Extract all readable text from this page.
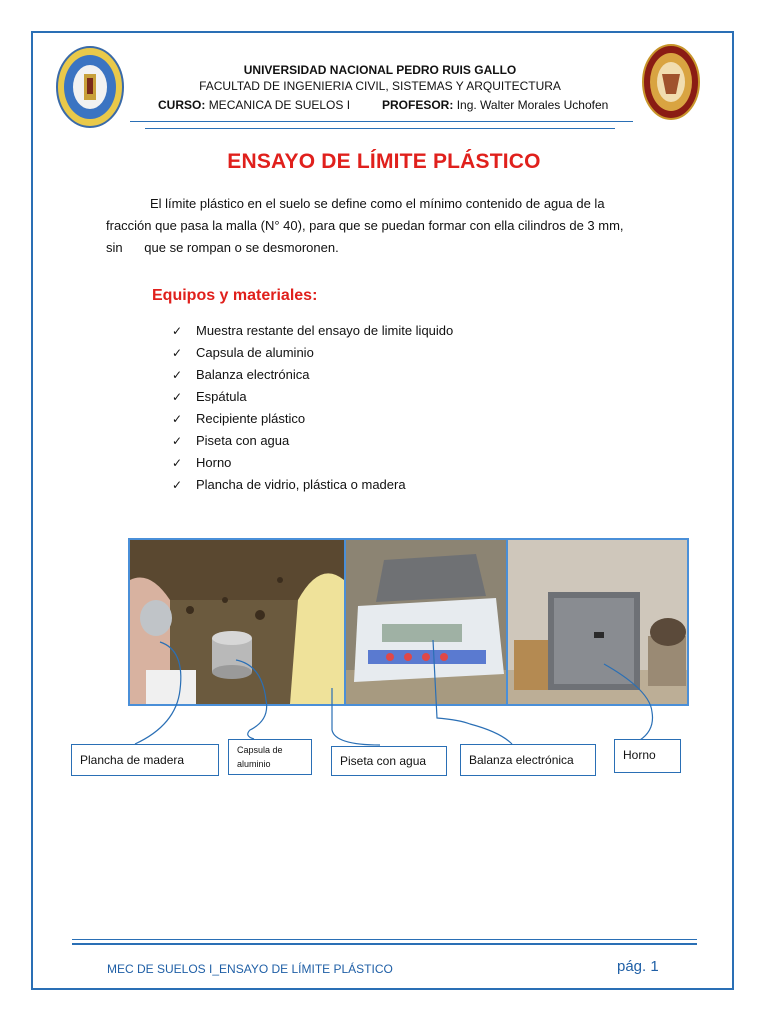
UNIVERSIDAD NACIONAL PEDRO RUIS GALLO
FACULTAD DE INGENIERIA CIVIL, SISTEMAS Y ARQUITECTURA
CURSO: MECANICA DE SUELOS I	PROFESOR: Ing. Walter Morales Uchofen
ENSAYO DE LÍMITE PLÁSTICO
El límite plástico en el suelo se define como el mínimo contenido de agua de la
fracción que pasa la malla (N° 40), para que se puedan formar con ella cilindros de 3 mm,
sin      que se rompan o se desmoronen.
Equipos y materiales:
✓	Muestra restante del ensayo de limite liquido
✓	Capsula de aluminio
✓	Balanza electrónica
✓	Espátula
✓	Recipiente plástico
✓	Piseta con agua
✓	Horno
✓	Plancha de vidrio, plástica o madera
Plancha de madera
Capsula de
aluminio	Piseta con agua	Balanza electrónica	Horno
MEC DE SUELOS I_ENSAYO DE LÍMITE PLÁSTICO	pág. 1
